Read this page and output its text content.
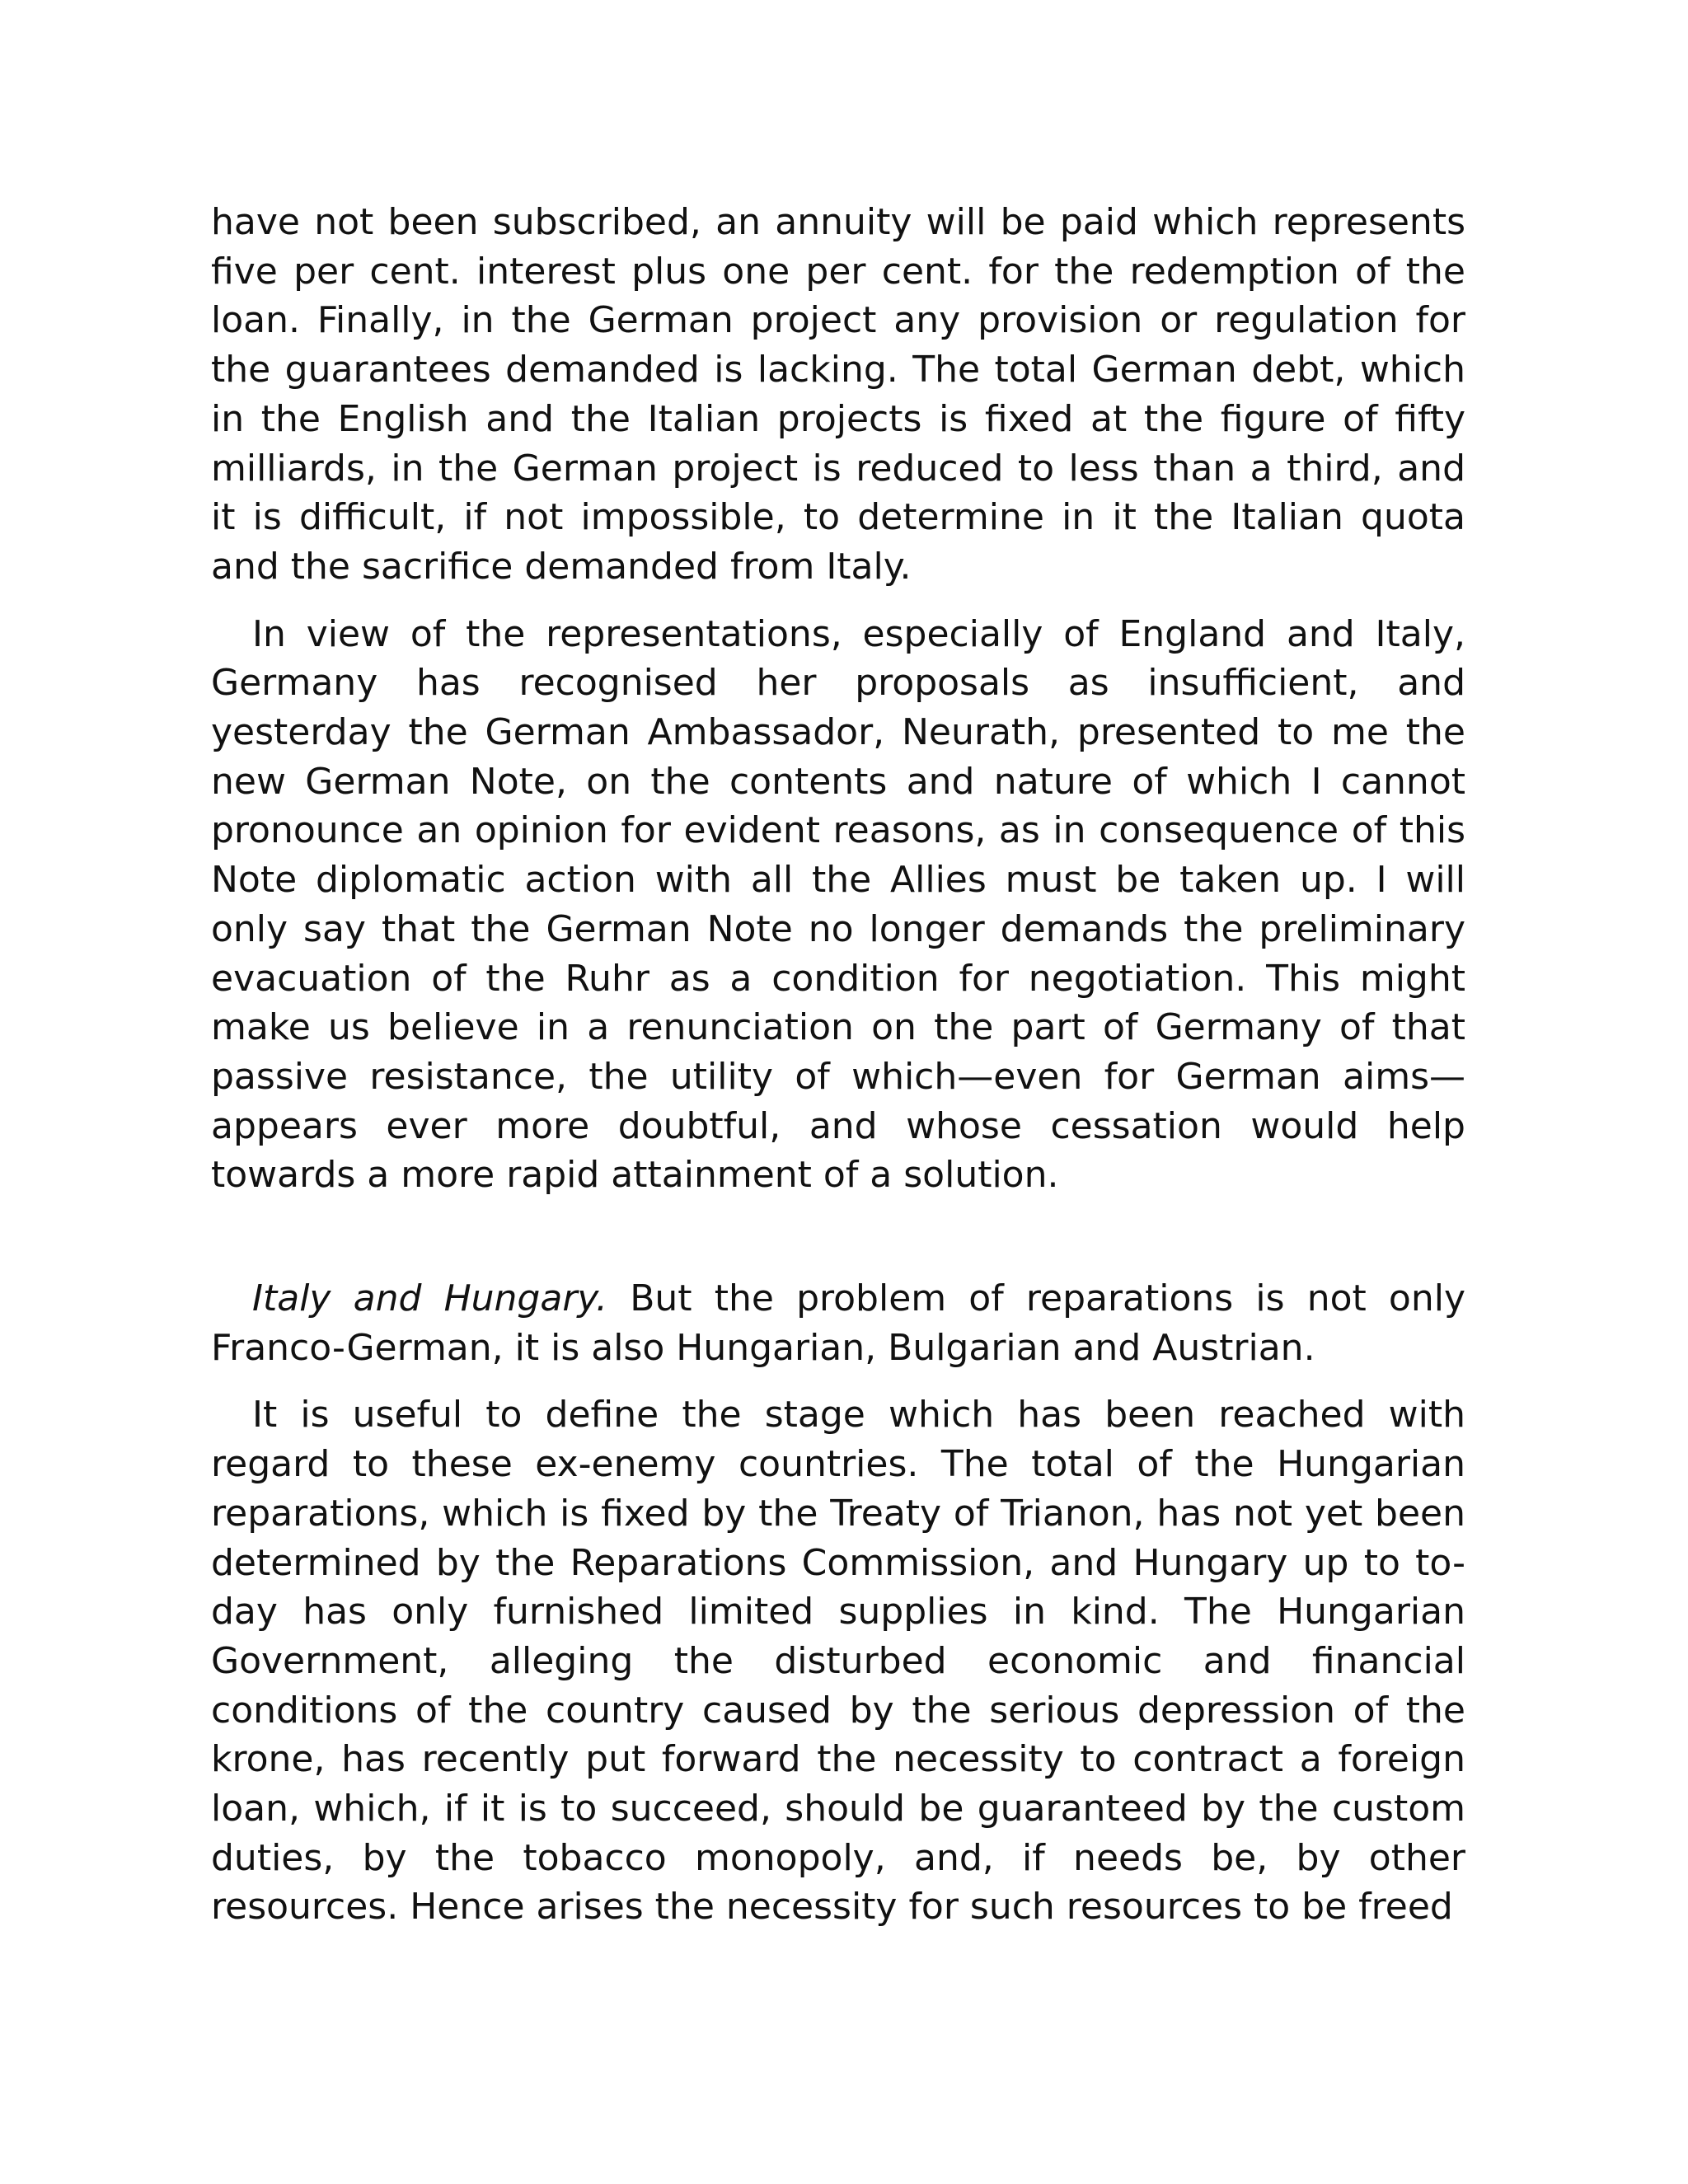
have not been subscribed, an annuity will be paid which represents five per cent. interest plus one per cent. for the redemption of the loan. Finally, in the German project any provision or regulation for the guarantees demanded is lacking. The total German debt, which in the English and the Italian projects is fixed at the figure of fifty milliards, in the German project is reduced to less than a third, and it is difficult, if not impossible, to determine in it the Italian quota and the sacrifice demanded from Italy.

In view of the representations, especially of England and Italy, Germany has recognised her proposals as insufficient, and yesterday the German Ambassador, Neurath, presented to me the new German Note, on the contents and nature of which I cannot pronounce an opinion for evident reasons, as in consequence of this Note diplomatic action with all the Allies must be taken up. I will only say that the German Note no longer demands the preliminary evacuation of the Ruhr as a condition for negotiation. This might make us believe in a renunciation on the part of Germany of that passive resistance, the utility of which—even for German aims—appears ever more doubtful, and whose cessation would help towards a more rapid attainment of a solution.

Italy and Hungary. But the problem of reparations is not only Franco-German, it is also Hungarian, Bulgarian and Austrian.

It is useful to define the stage which has been reached with regard to these ex-enemy countries. The total of the Hungarian reparations, which is fixed by the Treaty of Trianon, has not yet been determined by the Reparations Commission, and Hungary up to to-day has only furnished limited supplies in kind. The Hungarian Government, alleging the disturbed economic and financial conditions of the country caused by the serious depression of the krone, has recently put forward the necessity to contract a foreign loan, which, if it is to succeed, should be guaranteed by the custom duties, by the tobacco monopoly, and, if needs be, by other resources. Hence arises the necessity for such resources to be freed
